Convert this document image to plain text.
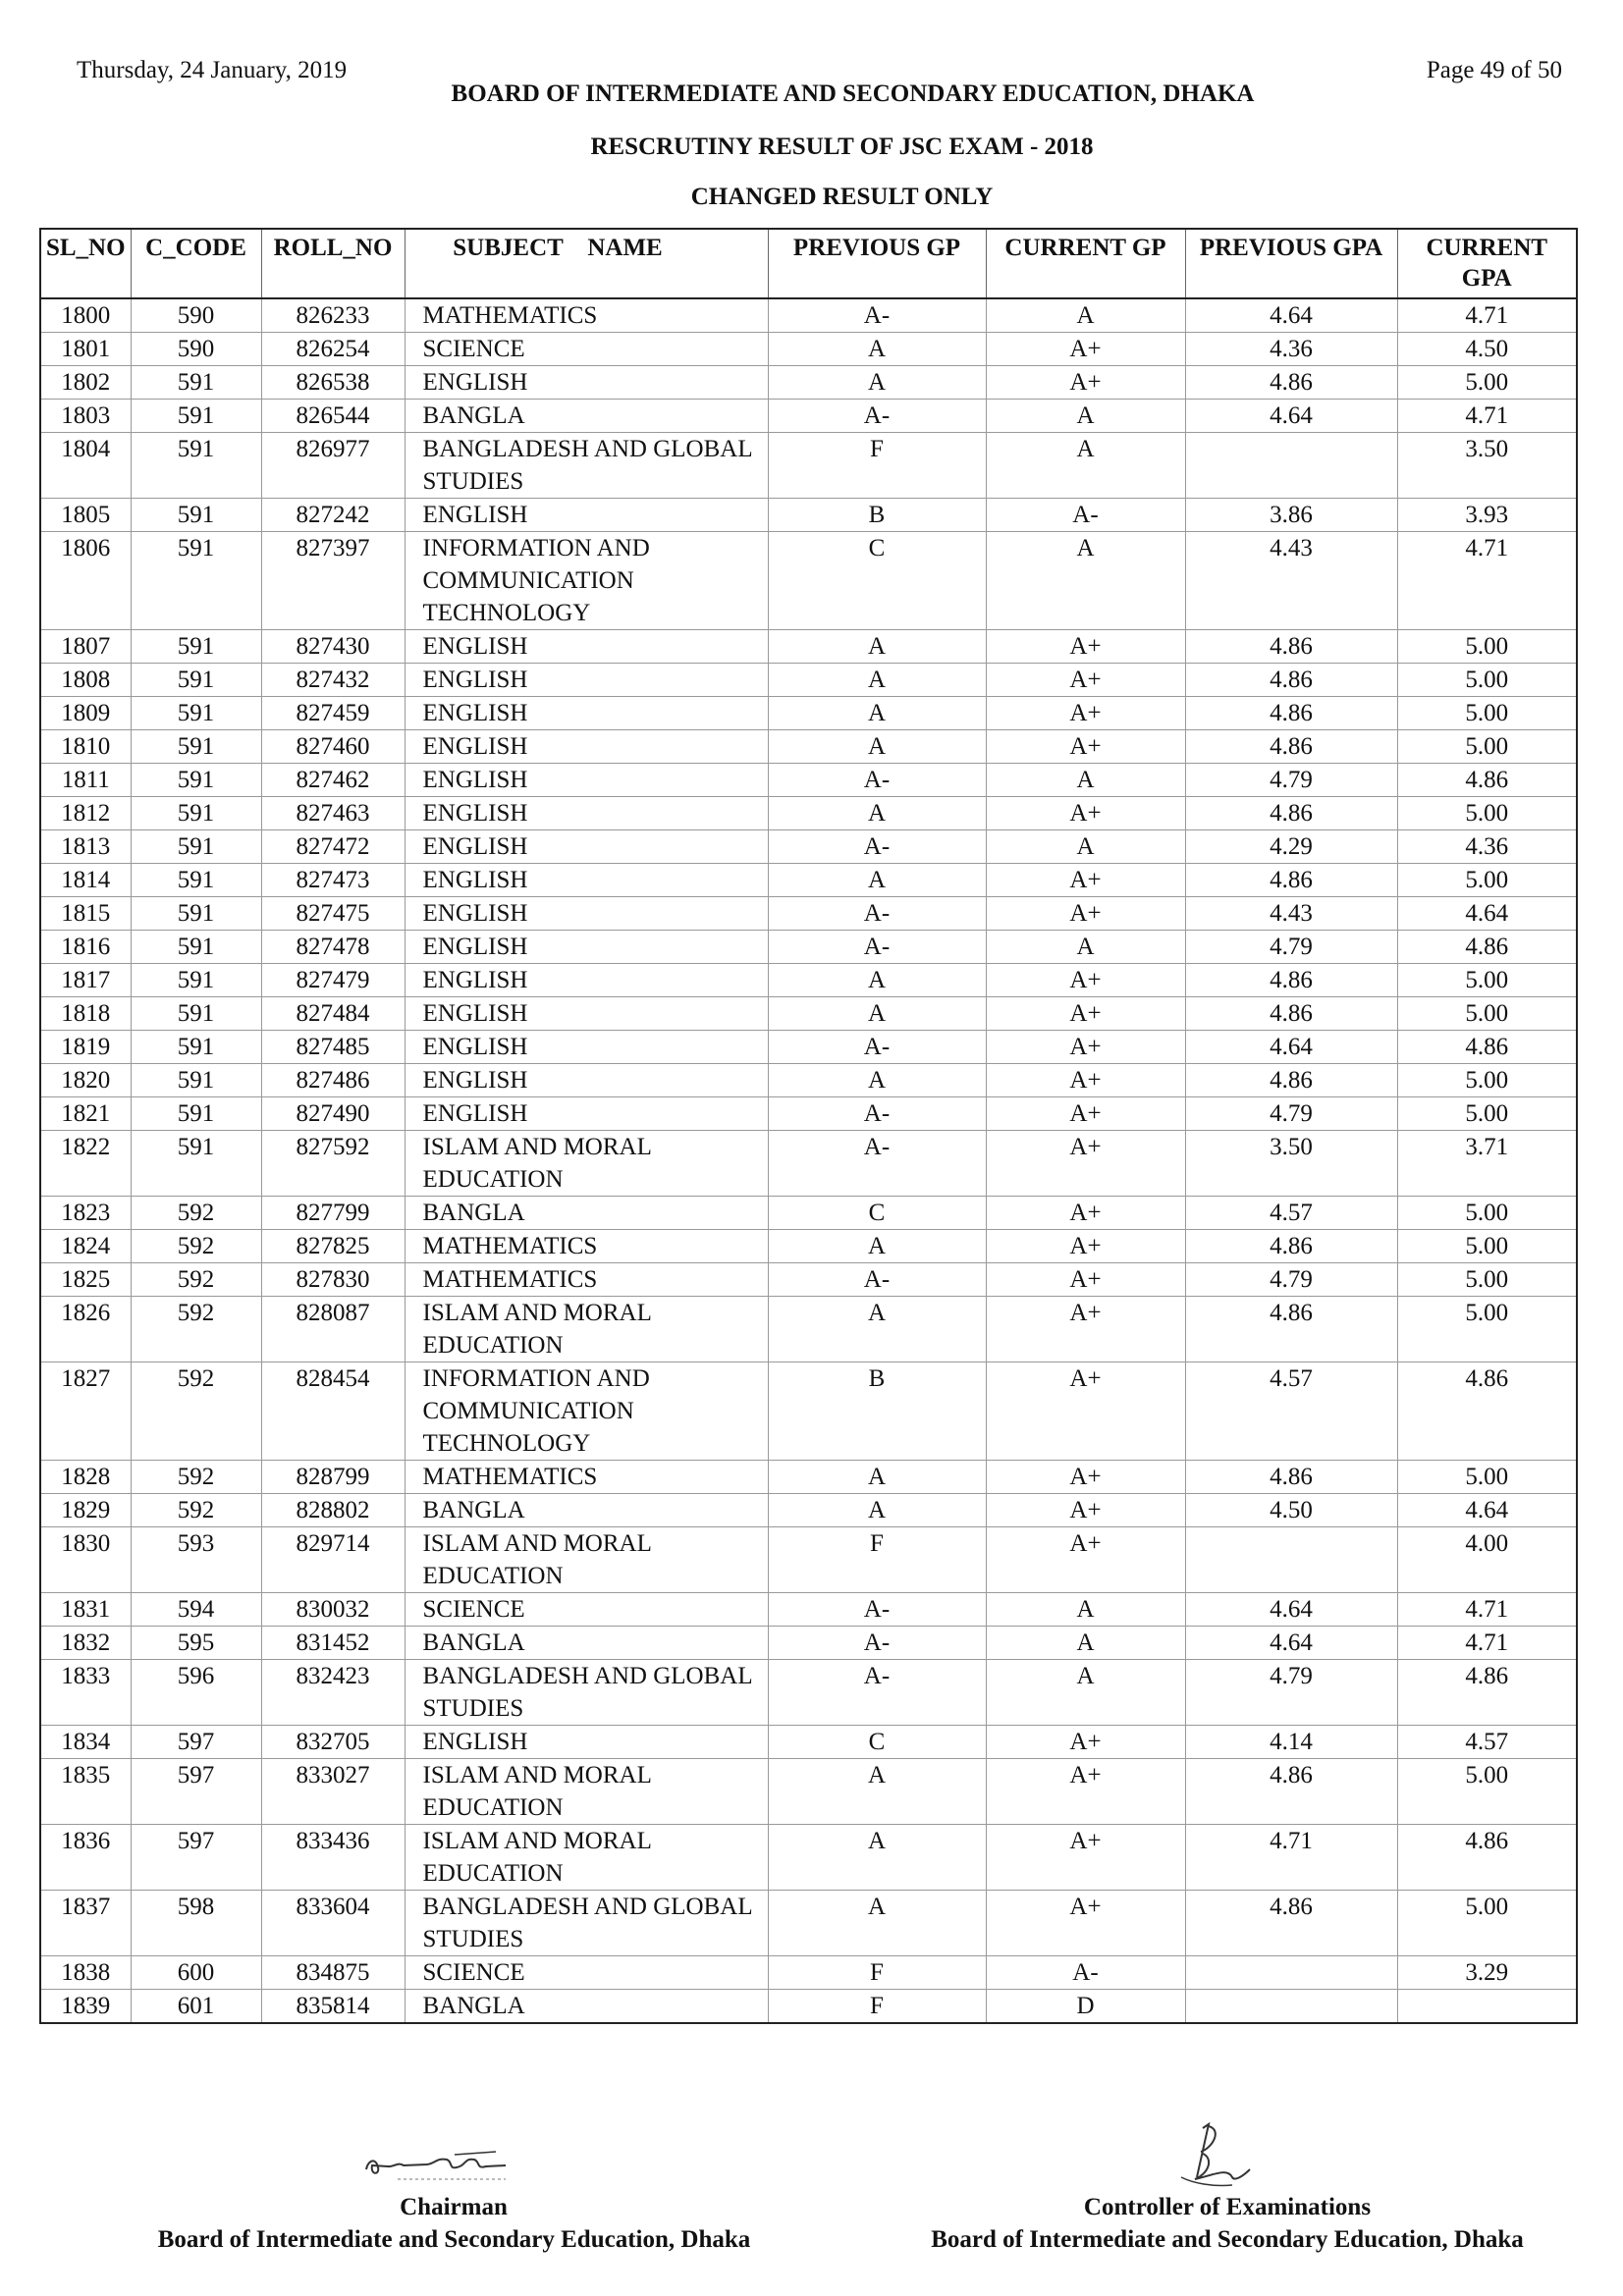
Thursday, 24 January, 2019	Page 49 of 50
BOARD OF INTERMEDIATE AND SECONDARY EDUCATION, DHAKA
RESCRUTINY RESULT OF JSC EXAM - 2018
CHANGED RESULT ONLY
SL_NO	C_CODE	ROLL_NO	SUBJECT    NAME	PREVIOUS GP	CURRENT GP	PREVIOUS GPA	CURRENT GPA
1800	590	826233	MATHEMATICS	A-	A	4.64	4.71
1801	590	826254	SCIENCE	A	A+	4.36	4.50
1802	591	826538	ENGLISH	A	A+	4.86	5.00
1803	591	826544	BANGLA	A-	A	4.64	4.71
1804	591	826977	BANGLADESH AND GLOBAL STUDIES	F	A		3.50
1805	591	827242	ENGLISH	B	A-	3.86	3.93
1806	591	827397	INFORMATION AND COMMUNICATION TECHNOLOGY	C	A	4.43	4.71
1807	591	827430	ENGLISH	A	A+	4.86	5.00
1808	591	827432	ENGLISH	A	A+	4.86	5.00
1809	591	827459	ENGLISH	A	A+	4.86	5.00
1810	591	827460	ENGLISH	A	A+	4.86	5.00
1811	591	827462	ENGLISH	A-	A	4.79	4.86
1812	591	827463	ENGLISH	A	A+	4.86	5.00
1813	591	827472	ENGLISH	A-	A	4.29	4.36
1814	591	827473	ENGLISH	A	A+	4.86	5.00
1815	591	827475	ENGLISH	A-	A+	4.43	4.64
1816	591	827478	ENGLISH	A-	A	4.79	4.86
1817	591	827479	ENGLISH	A	A+	4.86	5.00
1818	591	827484	ENGLISH	A	A+	4.86	5.00
1819	591	827485	ENGLISH	A-	A+	4.64	4.86
1820	591	827486	ENGLISH	A	A+	4.86	5.00
1821	591	827490	ENGLISH	A-	A+	4.79	5.00
1822	591	827592	ISLAM AND MORAL EDUCATION	A-	A+	3.50	3.71
1823	592	827799	BANGLA	C	A+	4.57	5.00
1824	592	827825	MATHEMATICS	A	A+	4.86	5.00
1825	592	827830	MATHEMATICS	A-	A+	4.79	5.00
1826	592	828087	ISLAM AND MORAL EDUCATION	A	A+	4.86	5.00
1827	592	828454	INFORMATION AND COMMUNICATION TECHNOLOGY	B	A+	4.57	4.86
1828	592	828799	MATHEMATICS	A	A+	4.86	5.00
1829	592	828802	BANGLA	A	A+	4.50	4.64
1830	593	829714	ISLAM AND MORAL EDUCATION	F	A+		4.00
1831	594	830032	SCIENCE	A-	A	4.64	4.71
1832	595	831452	BANGLA	A-	A	4.64	4.71
1833	596	832423	BANGLADESH AND GLOBAL STUDIES	A-	A	4.79	4.86
1834	597	832705	ENGLISH	C	A+	4.14	4.57
1835	597	833027	ISLAM AND MORAL EDUCATION	A	A+	4.86	5.00
1836	597	833436	ISLAM AND MORAL EDUCATION	A	A+	4.71	4.86
1837	598	833604	BANGLADESH AND GLOBAL STUDIES	A	A+	4.86	5.00
1838	600	834875	SCIENCE	F	A-		3.29
1839	601	835814	BANGLA	F	D		
Chairman
Board of Intermediate and Secondary Education, Dhaka
Controller of Examinations
Board of Intermediate and Secondary Education, Dhaka
